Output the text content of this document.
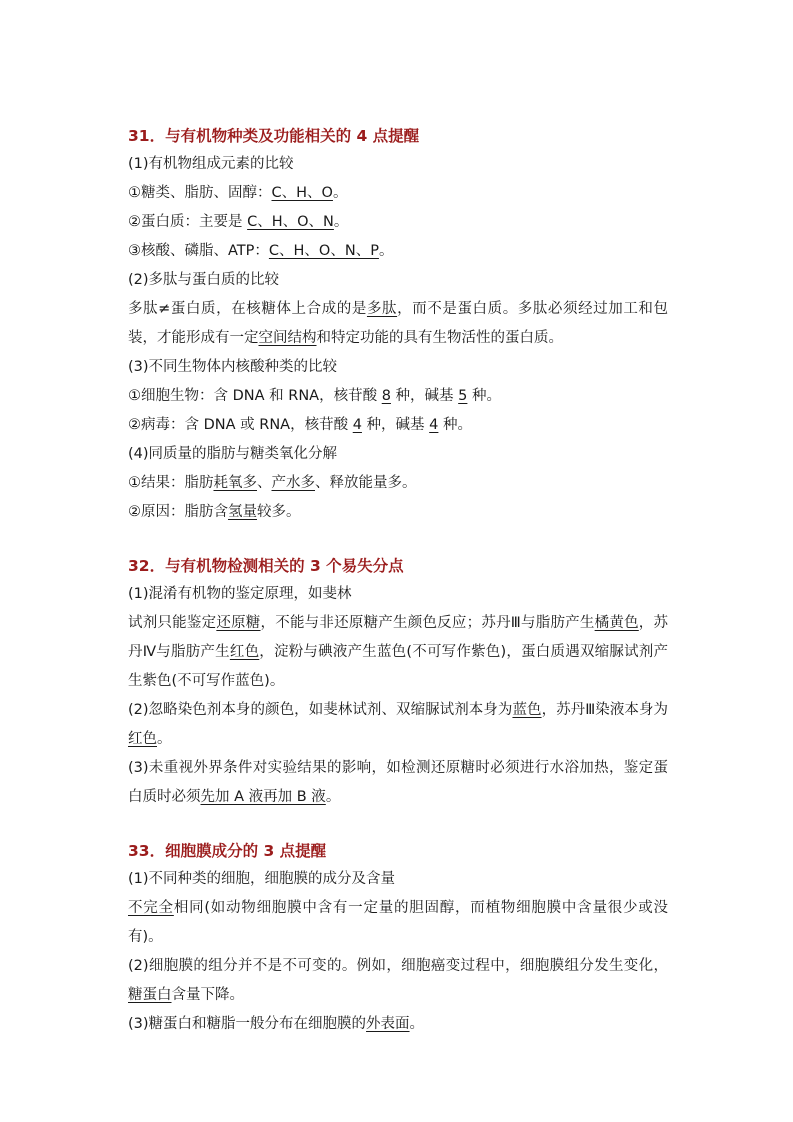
31．与有机物种类及功能相关的 4 点提醒

(1)有机物组成元素的比较

①糖类、脂肪、固醇：C、H、O。

②蛋白质：主要是 C、H、O、N。

③核酸、磷脂、ATP：C、H、O、N、P。

(2)多肽与蛋白质的比较

多肽≠蛋白质，在核糖体上合成的是多肽，而不是蛋白质。多肽必须经过加工和包装，才能形成有一定空间结构和特定功能的具有生物活性的蛋白质。

(3)不同生物体内核酸种类的比较

①细胞生物：含 DNA 和 RNA，核苷酸 8 种，碱基 5 种。

②病毒：含 DNA 或 RNA，核苷酸 4 种，碱基 4 种。

(4)同质量的脂肪与糖类氧化分解

①结果：脂肪耗氧多、产水多、释放能量多。

②原因：脂肪含氢量较多。

32．与有机物检测相关的 3 个易失分点

(1)混淆有机物的鉴定原理，如斐林

试剂只能鉴定还原糖，不能与非还原糖产生颜色反应；苏丹Ⅲ与脂肪产生橘黄色，苏丹Ⅳ与脂肪产生红色，淀粉与碘液产生蓝色(不可写作紫色)，蛋白质遇双缩脲试剂产生紫色(不可写作蓝色)。

(2)忽略染色剂本身的颜色，如斐林试剂、双缩脲试剂本身为蓝色，苏丹Ⅲ染液本身为红色。

(3)未重视外界条件对实验结果的影响，如检测还原糖时必须进行水浴加热，鉴定蛋白质时必须先加 A 液再加 B 液。

33．细胞膜成分的 3 点提醒

(1)不同种类的细胞，细胞膜的成分及含量

不完全相同(如动物细胞膜中含有一定量的胆固醇，而植物细胞膜中含量很少或没有)。

(2)细胞膜的组分并不是不可变的。例如，细胞癌变过程中，细胞膜组分发生变化，糖蛋白含量下降。

(3)糖蛋白和糖脂一般分布在细胞膜的外表面。
